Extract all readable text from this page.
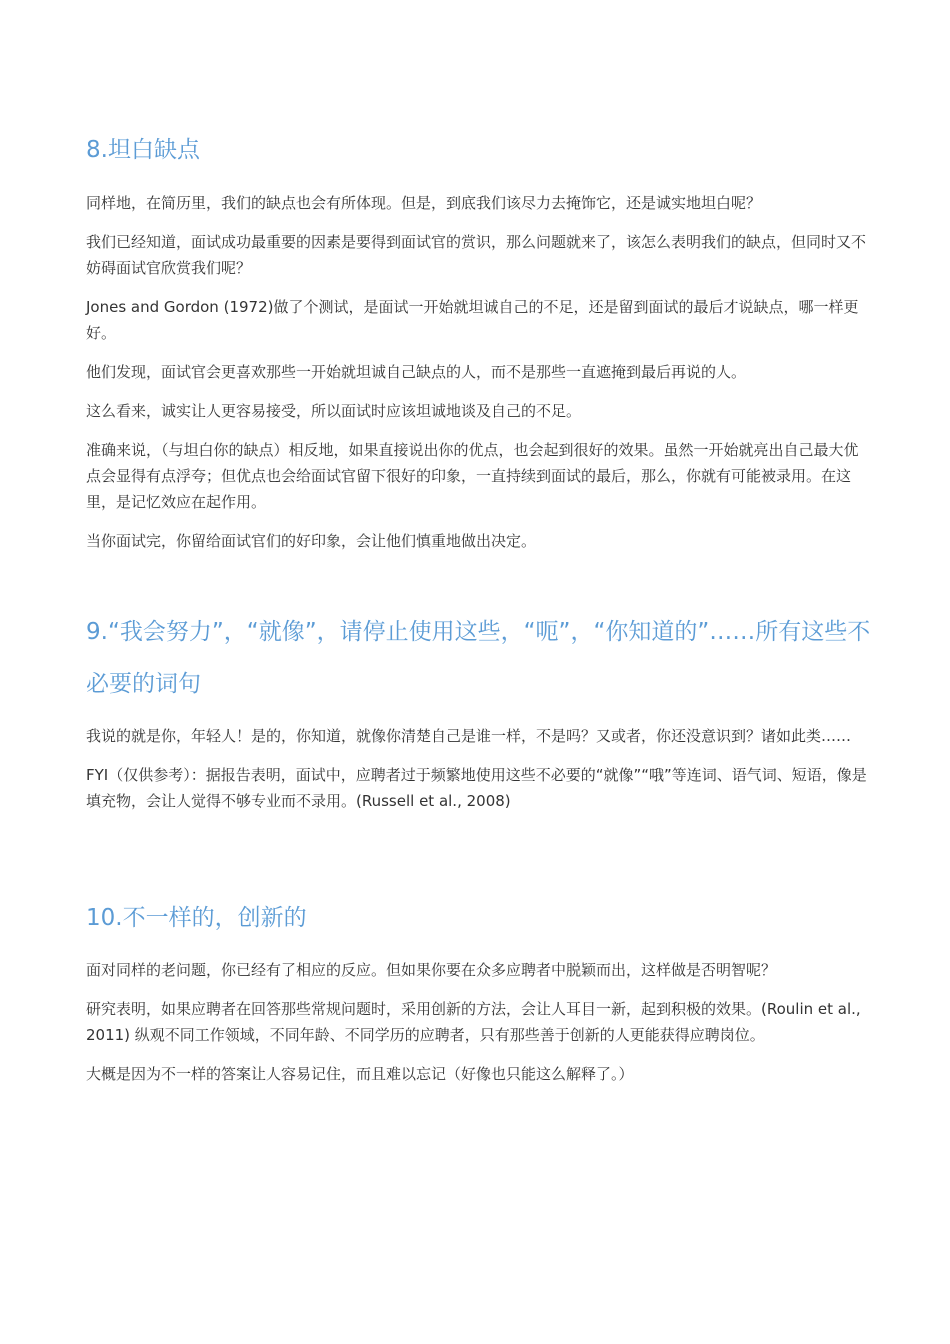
8.坦白缺点

同样地，在简历里，我们的缺点也会有所体现。但是，到底我们该尽力去掩饰它，还是诚实地坦白呢？

我们已经知道，面试成功最重要的因素是要得到面试官的赏识，那么问题就来了，该怎么表明我们的缺点，但同时又不妨碍面试官欣赏我们呢？

Jones and Gordon (1972)做了个测试，是面试一开始就坦诚自己的不足，还是留到面试的最后才说缺点，哪一样更好。

他们发现，面试官会更喜欢那些一开始就坦诚自己缺点的人，而不是那些一直遮掩到最后再说的人。

这么看来，诚实让人更容易接受，所以面试时应该坦诚地谈及自己的不足。

准确来说，（与坦白你的缺点）相反地，如果直接说出你的优点，也会起到很好的效果。虽然一开始就亮出自己最大优点会显得有点浮夸；但优点也会给面试官留下很好的印象，一直持续到面试的最后，那么，你就有可能被录用。在这里，是记忆效应在起作用。

当你面试完，你留给面试官们的好印象，会让他们慎重地做出决定。

9.“我会努力”，“就像”，请停止使用这些，“呃”，“你知道的”……所有这些不必要的词句

我说的就是你，年轻人！是的，你知道，就像你清楚自己是谁一样，不是吗？又或者，你还没意识到？诸如此类……

FYI（仅供参考）：据报告表明，面试中，应聘者过于频繁地使用这些不必要的“就像”“哦”等连词、语气词、短语，像是填充物，会让人觉得不够专业而不录用。(Russell et al., 2008)

10.不一样的，创新的

面对同样的老问题，你已经有了相应的反应。但如果你要在众多应聘者中脱颖而出，这样做是否明智呢？

研究表明，如果应聘者在回答那些常规问题时，采用创新的方法，会让人耳目一新，起到积极的效果。(Roulin et al., 2011) 纵观不同工作领域，不同年龄、不同学历的应聘者，只有那些善于创新的人更能获得应聘岗位。

大概是因为不一样的答案让人容易记住，而且难以忘记（好像也只能这么解释了。）
